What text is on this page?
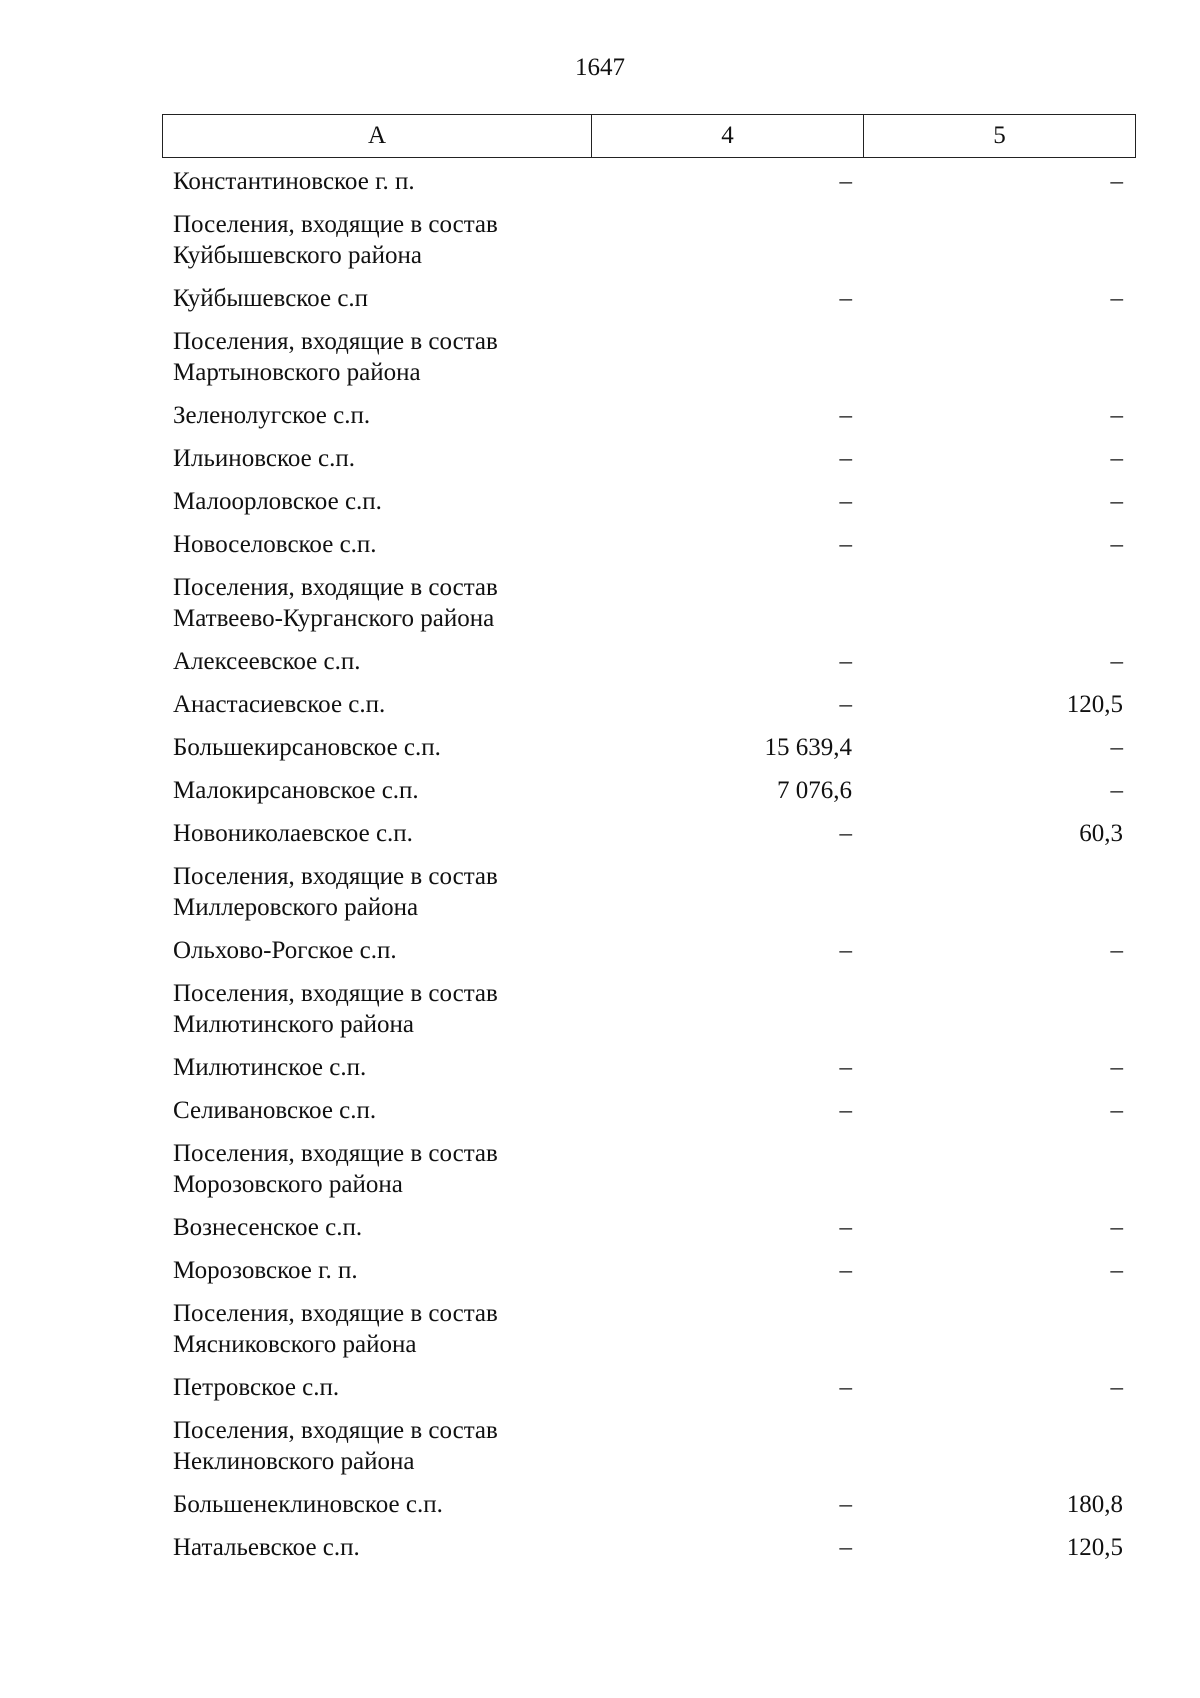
1647
А	4	5
Константиновское г. п.	–	–
Поселения, входящие в состав
Куйбышевского района
Куйбышевское с.п	–	–
Поселения, входящие в состав
Мартыновского района
Зеленолугское с.п.	–	–
Ильиновское с.п.	–	–
Малоорловское с.п.	–	–
Новоселовское с.п.	–	–
Поселения, входящие в состав
Матвеево-Курганского района
Алексеевское с.п.	–	–
Анастасиевское с.п.	–	120,5
Большекирсановское с.п.	15 639,4	–
Малокирсановское с.п.	7 076,6	–
Новониколаевское с.п.	–	60,3
Поселения, входящие в состав
Миллеровского района
Ольхово-Рогское с.п.	–	–
Поселения, входящие в состав
Милютинского района
Милютинское с.п.	–	–
Селивановское с.п.	–	–
Поселения, входящие в состав
Морозовского района
Вознесенское с.п.	–	–
Морозовское г. п.	–	–
Поселения, входящие в состав
Мясниковского района
Петровское с.п.	–	–
Поселения, входящие в состав
Неклиновского района
Большенеклиновское с.п.	–	180,8
Натальевское с.п.	–	120,5
